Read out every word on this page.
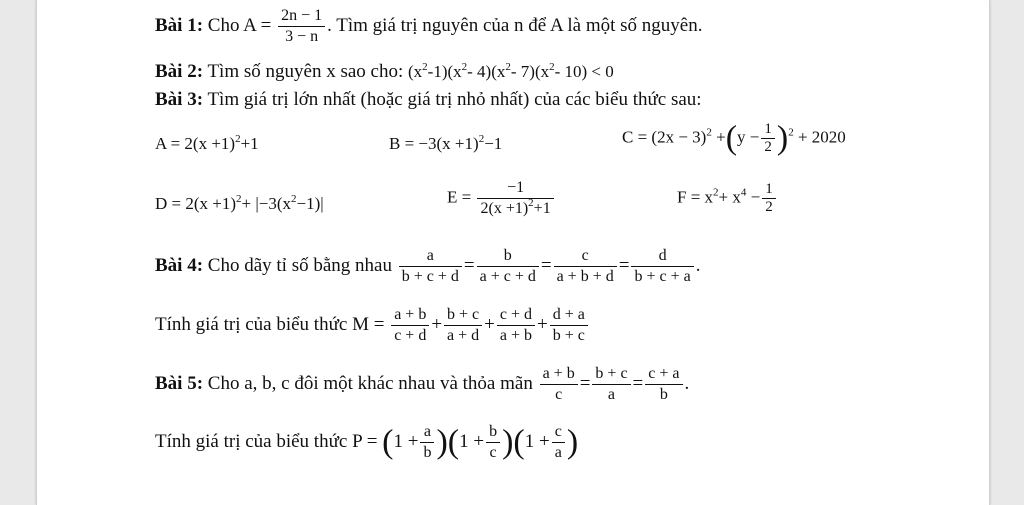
Bài 1: Cho $A = \frac{2n - 1}{3 - n}$ . Tìm giá trị nguyên của n để A là một số nguyên.
Bài 2: Tìm số nguyên x sao cho: $(x^2-1)(x^2-$ $4)(x^2-$ $7)(x^2-$ 10) < 0
Bài 3: Tìm giá trị lớn nhất (hoặc giá trị nhỏ nhất) của các biểu thức sau:
$A = 2(x +1)^2+1$	$B = -3(x +1)^2-1$	$C = (2x - 3)^2 +(y - \frac{1}{2} )^2 + 2020$
$D = 2(x +1)^2+ |-3(x^2-1)|$	$E = \frac{-1}{2(x +1)^2+1}$	$F = x^2+ x^4 - \frac{1}{2}$
Bài 4: Cho dãy tỉ số bằng nhau $\frac{a}{b + c + d} = \frac{b}{a + c + d} = \frac{c}{a + b + d} = \frac{d}{b + c + a}$ .
Tính giá trị của biểu thức $M = \frac{a + b}{c + d} + \frac{b + c}{a + d} + \frac{c + d}{a + b} + \frac{d + a}{b + c}$
Bài 5: Cho a, b, c đôi một khác nhau và thỏa mãn $\frac{a + b}{c} = \frac{b + c}{a} = \frac{c + a}{b}$ .
Tính giá trị của biểu thức $P = (1 + \frac{a}{b} )(1 + \frac{b}{c} )(1 + \frac{c}{a}$ )
